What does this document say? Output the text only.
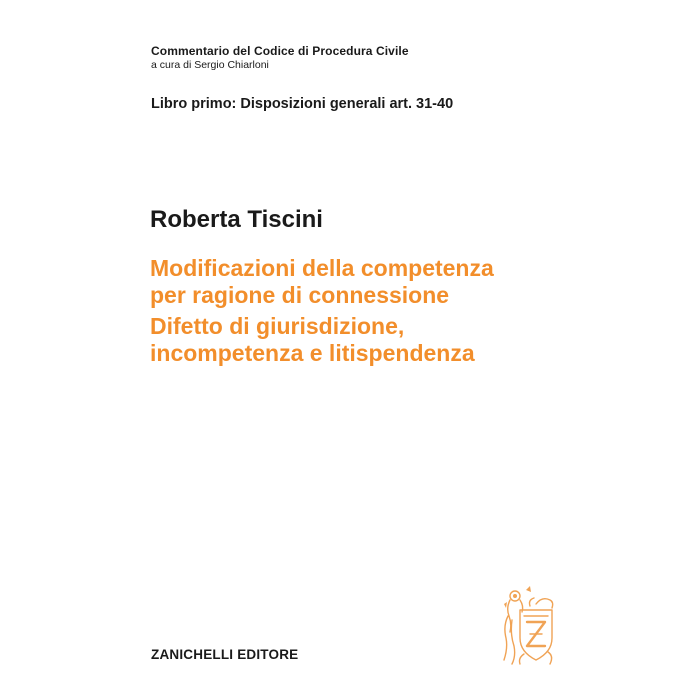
Commentario del Codice di Procedura Civile
a cura di Sergio Chiarloni
Libro primo: Disposizioni generali art. 31-40
Roberta Tiscini
Modificazioni della competenza
per ragione di connessione
Difetto di giurisdizione,
incompetenza e litispendenza
ZANICHELLI EDITORE
